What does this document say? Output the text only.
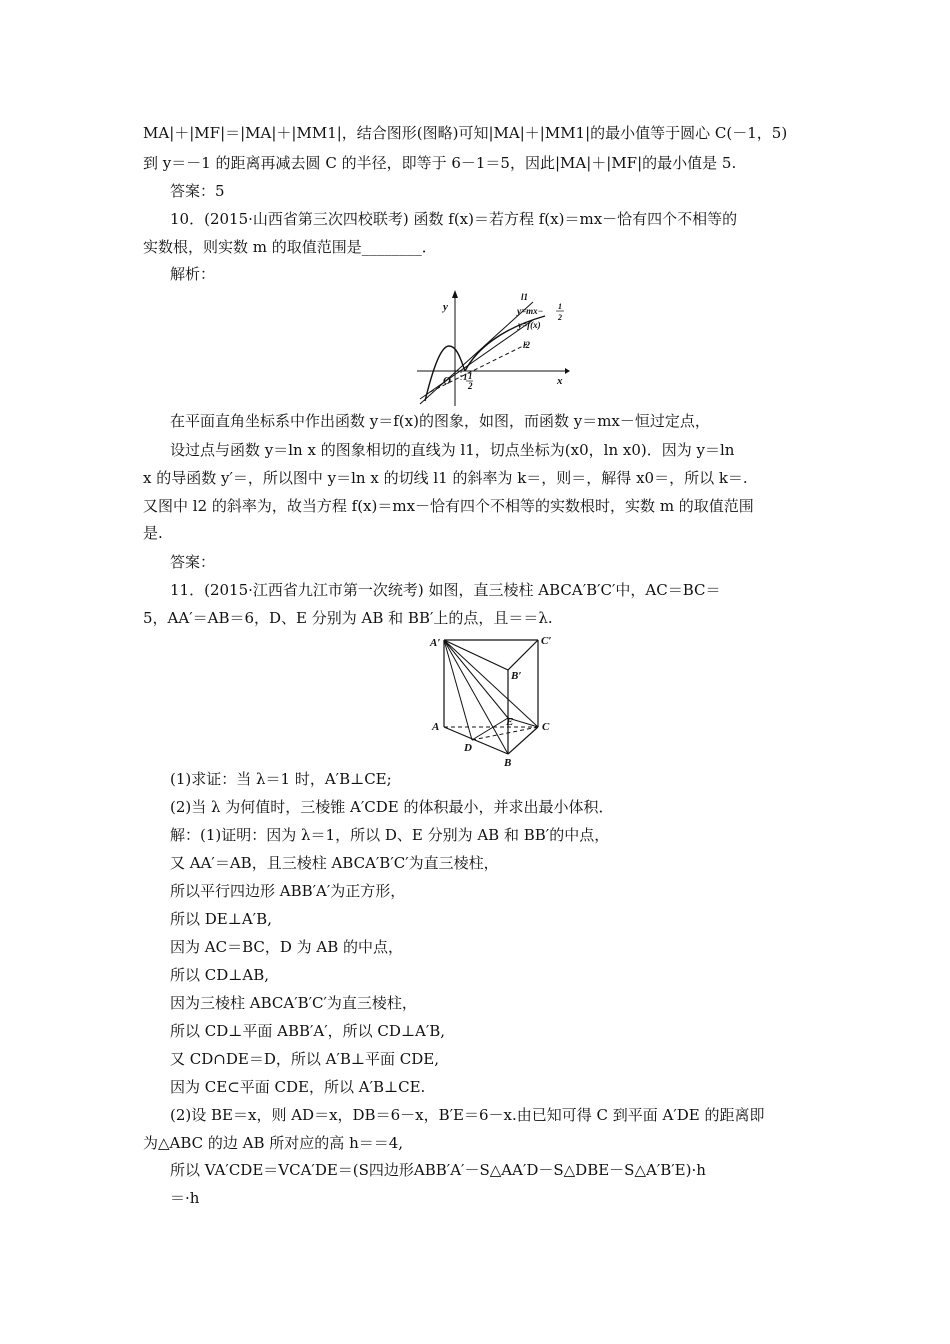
MA|＋|MF|＝|MA|＋|MM1|，结合图形(图略)可知|MA|＋|MM1|的最小值等于圆心 C(－1，5)
到 y＝－1 的距离再减去圆 C 的半径，即等于 6－1＝5，因此|MA|＋|MF|的最小值是 5.
答案：5
10．(2015·山西省第三次四校联考) 函数 f(x)＝若方程 f(x)＝mx－恰有四个不相等的
实数根，则实数 m 的取值范围是________．
解析：
y
x
O 1 1
2
l1
y=mx− 1
2
y=f(x)
l2
在平面直角坐标系中作出函数 y＝f(x)的图象，如图，而函数 y＝mx－恒过定点，
设过点与函数 y＝ln x 的图象相切的直线为 l1，切点坐标为(x0，ln x0)．因为 y＝ln
x 的导函数 y′＝，所以图中 y＝ln x 的切线 l1 的斜率为 k＝，则＝，解得 x0＝，所以 k＝.
又图中 l2 的斜率为，故当方程 f(x)＝mx－恰有四个不相等的实数根时，实数 m 的取值范围
是.
答案：
11．(2015·江西省九江市第一次统考) 如图，直三棱柱 ABCA′B′C′中，AC＝BC＝
5，AA′＝AB＝6，D、E 分别为 AB 和 BB′上的点，且＝＝λ.
A′	C′
B′
A	E	C
D
B
(1)求证：当 λ＝1 时，A′B⊥CE;
(2)当 λ 为何值时，三棱锥 A′CDE 的体积最小，并求出最小体积．
解：(1)证明：因为 λ＝1，所以 D、E 分别为 AB 和 BB′的中点，
又 AA′＝AB，且三棱柱 ABCA′B′C′为直三棱柱，
所以平行四边形 ABB′A′为正方形，
所以 DE⊥A′B,
因为 AC＝BC，D 为 AB 的中点，
所以 CD⊥AB,
因为三棱柱 ABCA′B′C′为直三棱柱，
所以 CD⊥平面 ABB′A′，所以 CD⊥A′B,
又 CD∩DE＝D，所以 A′B⊥平面 CDE,
因为 CE⊂平面 CDE，所以 A′B⊥CE.
(2)设 BE＝x，则 AD＝x，DB＝6－x，B′E＝6－x.由已知可得 C 到平面 A′DE 的距离即
为△ABC 的边 AB 所对应的高 h＝＝4,
所以 VA′CDE＝VCA′DE＝(S四边形ABB′A′－S△AA′D－S△DBE－S△A′B′E)·h
＝·h
